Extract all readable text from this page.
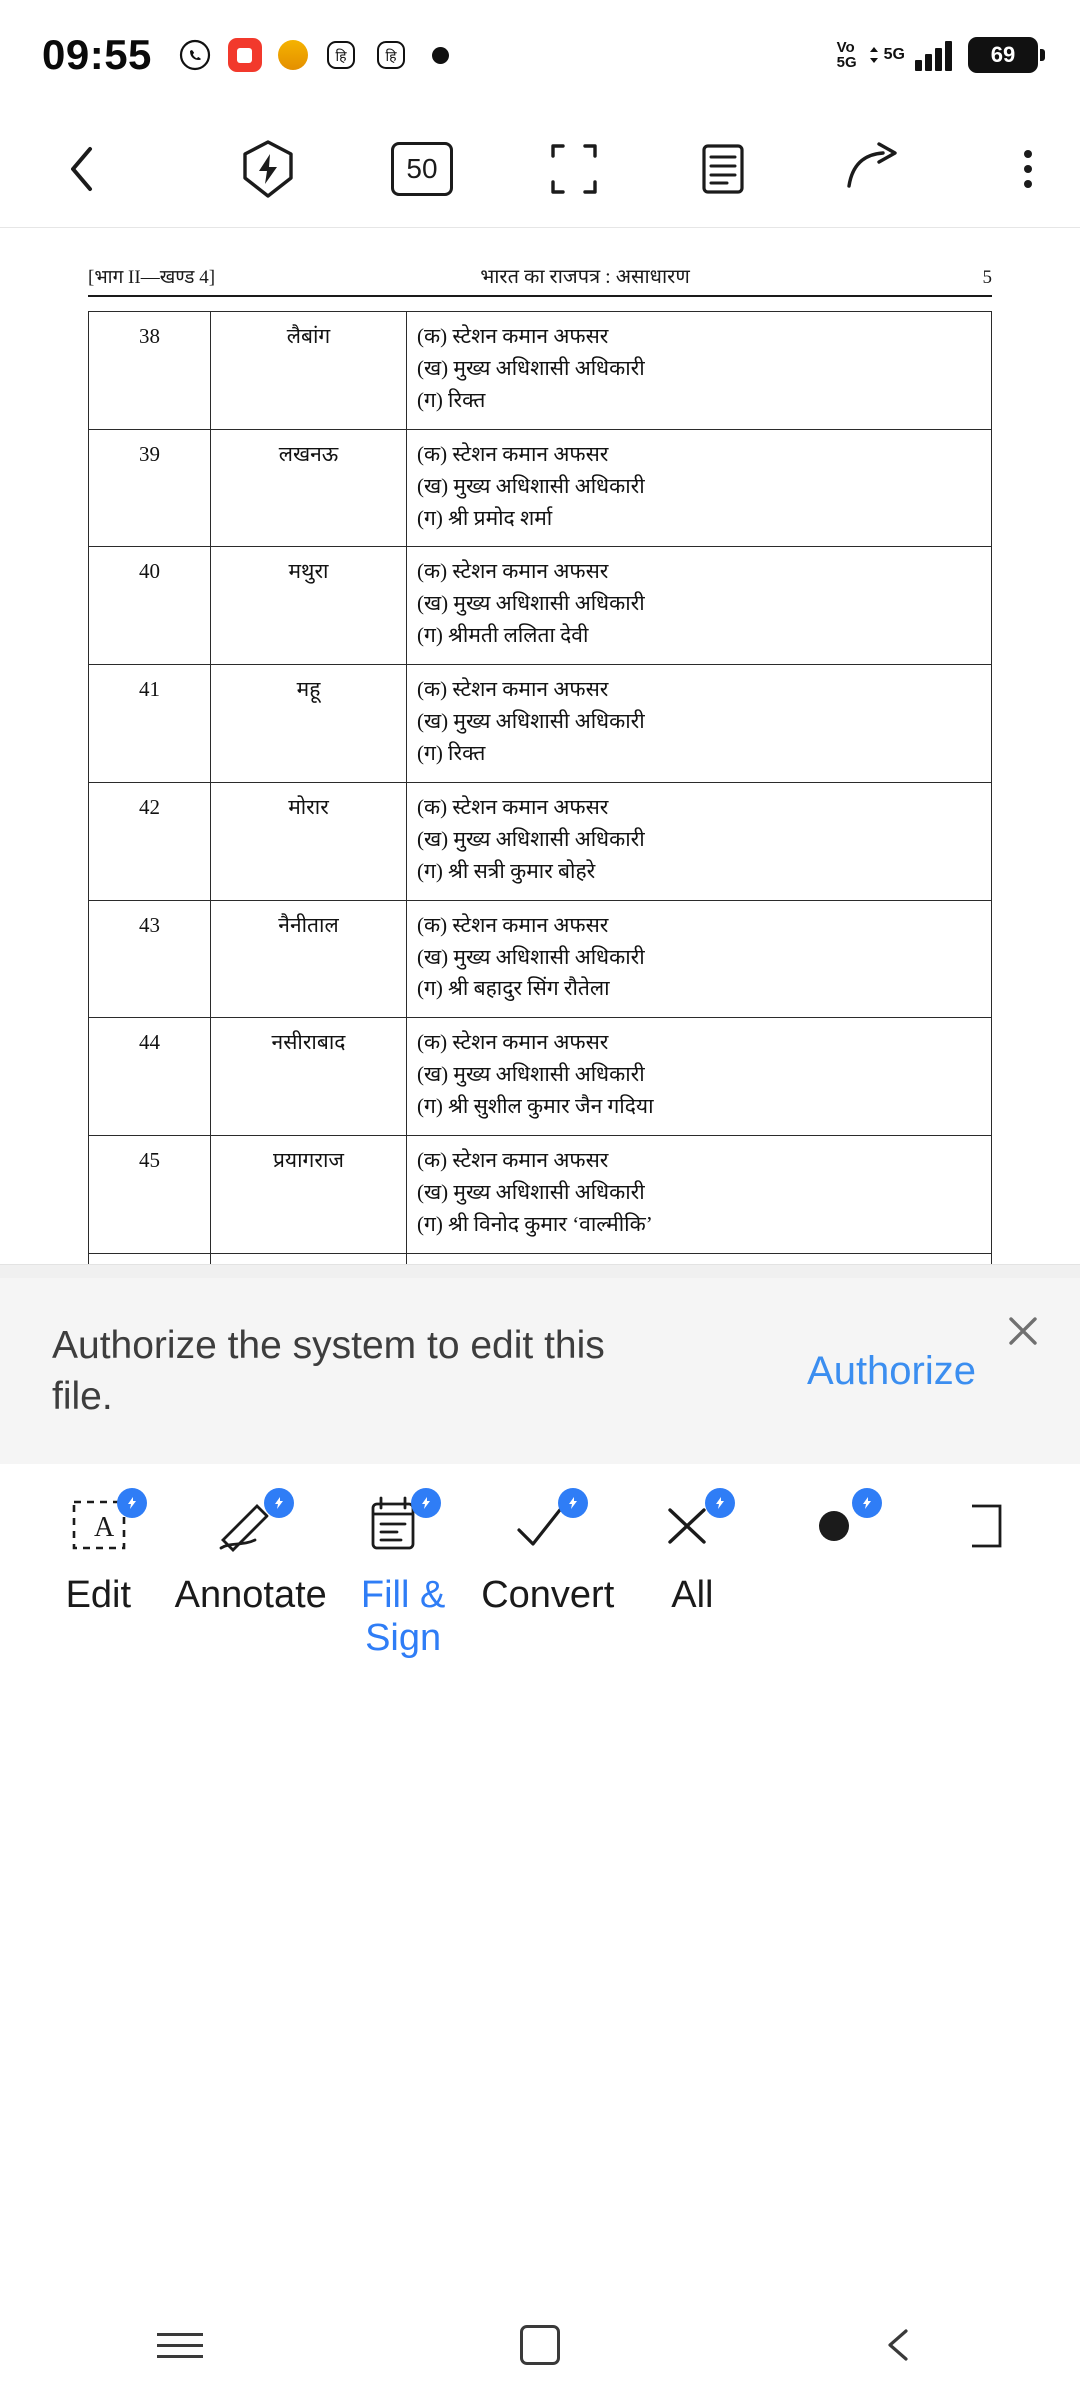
09:55	हि	हि
Vo
5G 5G	69
50
[भाग II—खण्ड 4]	भारत का राजपत्र : असाधारण	5
38	लैबांग	(क) स्टेशन कमान अफसर
(ख) मुख्य अधिशासी अधिकारी
(ग) रिक्त

39	लखनऊ	(क) स्टेशन कमान अफसर
(ख) मुख्य अधिशासी अधिकारी
(ग) श्री प्रमोद शर्मा

40	मथुरा	(क) स्टेशन कमान अफसर
(ख) मुख्य अधिशासी अधिकारी
(ग) श्रीमती ललिता देवी

41	महू	(क) स्टेशन कमान अफसर
(ख) मुख्य अधिशासी अधिकारी
(ग) रिक्त

42	मोरार	(क) स्टेशन कमान अफसर
(ख) मुख्य अधिशासी अधिकारी
(ग) श्री सत्री कुमार बोहरे

43	नैनीताल	(क) स्टेशन कमान अफसर
(ख) मुख्य अधिशासी अधिकारी
(ग) श्री बहादुर सिंग रौतेला

44	नसीराबाद	(क) स्टेशन कमान अफसर
(ख) मुख्य अधिशासी अधिकारी
(ग) श्री सुशील कुमार जैन गदिया

45	प्रयागराज	(क) स्टेशन कमान अफसर
(ख) मुख्य अधिशासी अधिकारी
(ग) श्री विनोद कुमार ‘वाल्मीकि’

Authorize the system to edit this file.
Authorize
A
Edit	Annotate Fill & Sign
Convert	All
